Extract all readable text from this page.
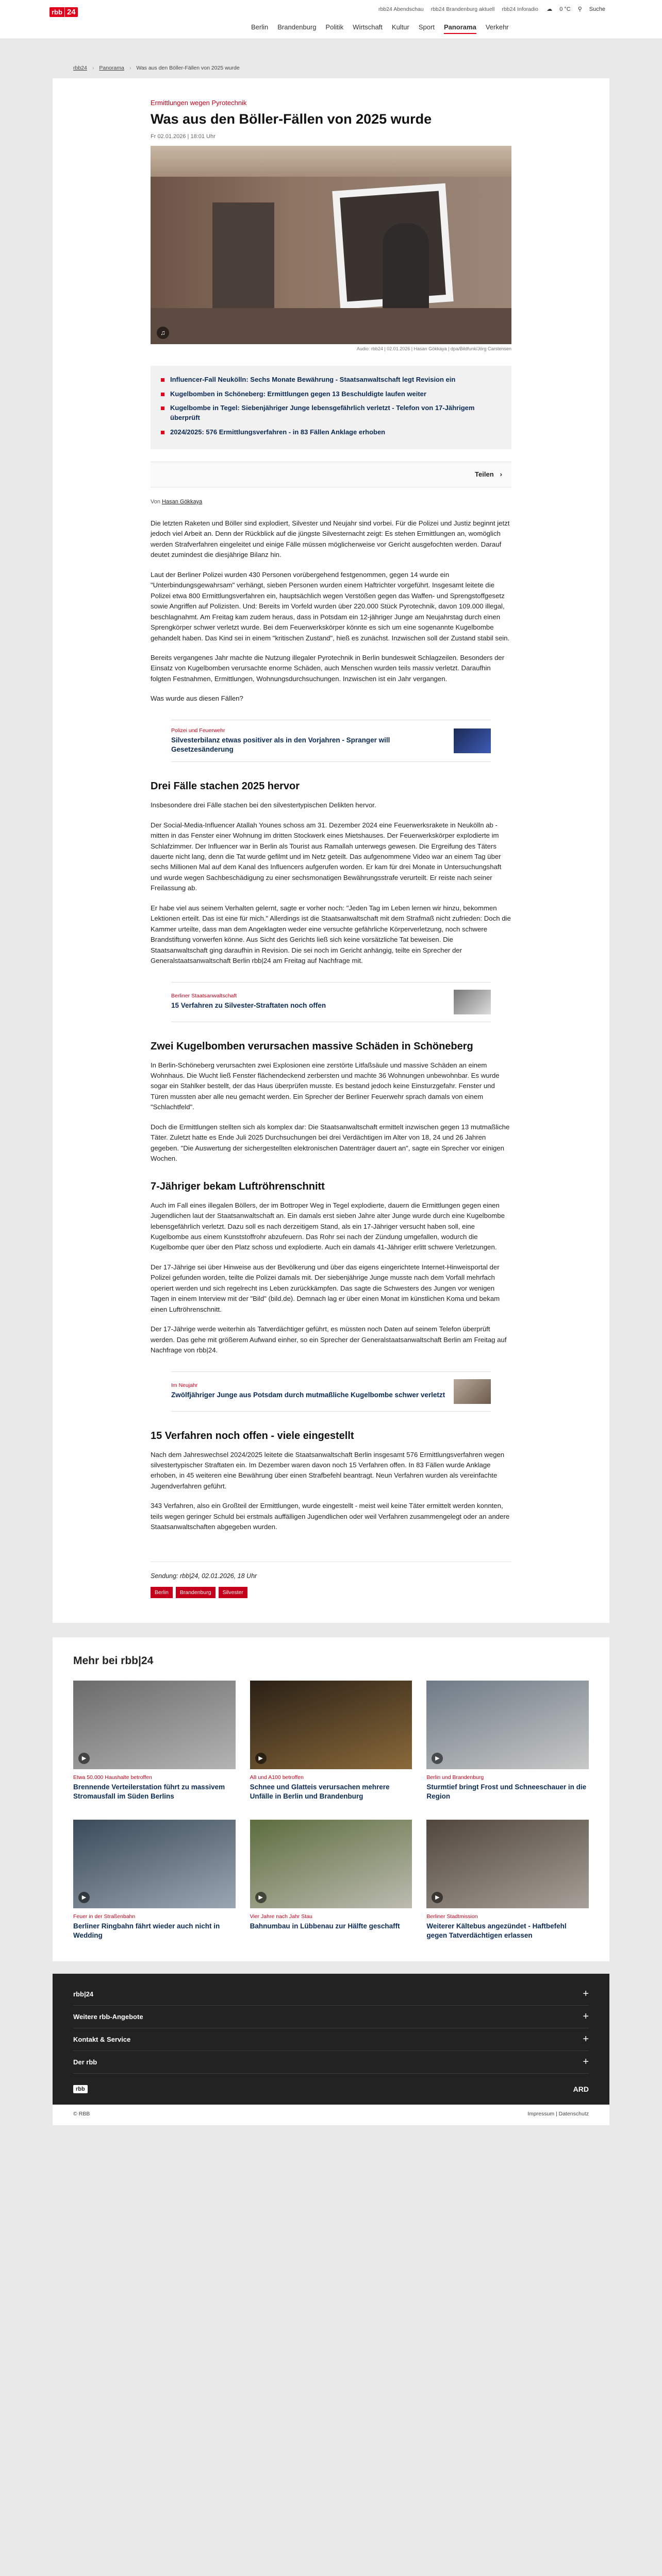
rbb 24	rbb24 Abendschau rbb24 Brandenburg aktuell rbb24 Inforadio ☁ 0 °C ⚲ Suche
Berlin Brandenburg Politik Wirtschaft Kultur Sport Panorama Verkehr
rbb24 › Panorama › Was aus den Böller-Fällen von 2025 wurde
Ermittlungen wegen Pyrotechnik
Was aus den Böller-Fällen von 2025 wurde
Fr 02.01.2026 | 18:01 Uhr
♫
Audio: rbb24 | 02.01.2026 | Hasan Gökkaya | dpa/Bildfunk/Jörg Carstensen
Influencer-Fall Neukölln: Sechs Monate Bewährung - Staatsanwaltschaft legt Revision ein
Kugelbomben in Schöneberg: Ermittlungen gegen 13 Beschuldigte laufen weiter
Kugelbombe in Tegel: Siebenjähriger Junge lebensgefährlich verletzt - Telefon von 17-Jährigem überprüft
2024/2025: 576 Ermittlungsverfahren - in 83 Fällen Anklage erhoben
Teilen ›
Von Hasan Gökkaya

Die letzten Raketen und Böller sind explodiert, Silvester und Neujahr sind vorbei. Für die Polizei und Justiz beginnt jetzt jedoch viel Arbeit an. Denn der Rückblick auf die jüngste Silvesternacht zeigt: Es stehen Ermittlungen an, womöglich werden Strafverfahren eingeleitet und einige Fälle müssen möglicherweise vor Gericht ausgefochten werden. Darauf deutet zumindest die diesjährige Bilanz hin.

Laut der Berliner Polizei wurden 430 Personen vorübergehend festgenommen, gegen 14 wurde ein "Unterbindungsgewahrsam" verhängt, sieben Personen wurden einem Haftrichter vorgeführt. Insgesamt leitete die Polizei etwa 800 Ermittlungsverfahren ein, hauptsächlich wegen Verstößen gegen das Waffen- und Sprengstoffgesetz sowie Angriffen auf Polizisten. Und: Bereits im Vorfeld wurden über 220.000 Stück Pyrotechnik, davon 109.000 illegal, beschlagnahmt. Am Freitag kam zudem heraus, dass in Potsdam ein 12-jähriger Junge am Neujahrstag durch einen Sprengkörper schwer verletzt wurde. Bei dem Feuerwerkskörper könnte es sich um eine sogenannte Kugelbombe gehandelt haben. Das Kind sei in einem "kritischen Zustand", hieß es zunächst. Inzwischen soll der Zustand stabil sein.

Bereits vergangenes Jahr machte die Nutzung illegaler Pyrotechnik in Berlin bundesweit Schlagzeilen. Besonders der Einsatz von Kugelbomben verursachte enorme Schäden, auch Menschen wurden teils massiv verletzt. Daraufhin folgten Festnahmen, Ermittlungen, Wohnungsdurchsuchungen. Inzwischen ist ein Jahr vergangen.

Was wurde aus diesen Fällen?

Polizei und Feuerwehr
Silvesterbilanz etwas positiver als in den Vorjahren - Spranger will Gesetzesänderung
Drei Fälle stachen 2025 hervor

Insbesondere drei Fälle stachen bei den silvestertypischen Delikten hervor.

Der Social-Media-Influencer Atallah Younes schoss am 31. Dezember 2024 eine Feuerwerksrakete in Neukölln ab - mitten in das Fenster einer Wohnung im dritten Stockwerk eines Mietshauses. Der Feuerwerkskörper explodierte im Schlafzimmer. Der Influencer war in Berlin als Tourist aus Ramallah unterwegs gewesen. Die Ergreifung des Täters dauerte nicht lang, denn die Tat wurde gefilmt und im Netz geteilt. Das aufgenommene Video war an einem Tag über sechs Millionen Mal auf dem Kanal des Influencers aufgerufen worden. Er kam für drei Monate in Untersuchungshaft und wurde wegen Sachbeschädigung zu einer sechsmonatigen Bewährungsstrafe verurteilt. Er reiste nach seiner Freilassung ab.

Er habe viel aus seinem Verhalten gelernt, sagte er vorher noch: "Jeden Tag im Leben lernen wir hinzu, bekommen Lektionen erteilt. Das ist eine für mich." Allerdings ist die Staatsanwaltschaft mit dem Strafmaß nicht zufrieden: Doch die Kammer urteilte, dass man dem Angeklagten weder eine versuchte gefährliche Körperverletzung, noch schwere Brandstiftung vorwerfen könne. Aus Sicht des Gerichts ließ sich keine vorsätzliche Tat beweisen. Die Staatsanwaltschaft ging daraufhin in Revision. Die sei noch im Gericht anhängig, teilte ein Sprecher der Generalstaatsanwaltschaft Berlin rbb|24 am Freitag auf Nachfrage mit.

Berliner Staatsanwaltschaft
15 Verfahren zu Silvester-Straftaten noch offen
Zwei Kugelbomben verursachen massive Schäden in Schöneberg

In Berlin-Schöneberg verursachten zwei Explosionen eine zerstörte Litfaßsäule und massive Schäden an einem Wohnhaus. Die Wucht ließ Fenster flächendeckend zerbersten und machte 36 Wohnungen unbewohnbar. Es wurde sogar ein Stahlker bestellt, der das Haus überprüfen musste. Es bestand jedoch keine Einsturzgefahr. Fenster und Türen mussten aber alle neu gemacht werden. Ein Sprecher der Berliner Feuerwehr sprach damals von einem "Schlachtfeld".

Doch die Ermittlungen stellten sich als komplex dar: Die Staatsanwaltschaft ermittelt inzwischen gegen 13 mutmaßliche Täter. Zuletzt hatte es Ende Juli 2025 Durchsuchungen bei drei Verdächtigen im Alter von 18, 24 und 26 Jahren gegeben. "Die Auswertung der sichergestellten elektronischen Datenträger dauert an", sagte ein Sprecher vor einigen Wochen.

7-Jähriger bekam Luftröhrenschnitt

Auch im Fall eines illegalen Böllers, der im Bottroper Weg in Tegel explodierte, dauern die Ermittlungen gegen einen Jugendlichen laut der Staatsanwaltschaft an. Ein damals erst sieben Jahre alter Junge wurde durch eine Kugelbombe lebensgefährlich verletzt. Dazu soll es nach derzeitigem Stand, als ein 17-Jähriger versucht haben soll, eine Kugelbombe aus einem Kunststoffrohr abzufeuern. Das Rohr sei nach der Zündung umgefallen, wodurch die Kugelbombe quer über den Platz schoss und explodierte. Auch ein damals 41-Jähriger erlitt schwere Verletzungen.

Der 17-Jährige sei über Hinweise aus der Bevölkerung und über das eigens eingerichtete Internet-Hinweisportal der Polizei gefunden worden, teilte die Polizei damals mit. Der siebenjährige Junge musste nach dem Vorfall mehrfach operiert werden und sich regelrecht ins Leben zurückkämpfen. Das sagte die Schwesters des Jungen vor wenigen Tagen in einem Interview mit der "Bild" (bild.de). Demnach lag er über einen Monat im künstlichen Koma und bekam einen Luftröhrenschnitt.

Der 17-Jährige werde weiterhin als Tatverdächtiger geführt, es müssten noch Daten auf seinem Telefon überprüft werden. Das gehe mit größerem Aufwand einher, so ein Sprecher der Generalstaatsanwaltschaft Berlin am Freitag auf Nachfrage von rbb|24.

Im Neujahr
Zwölfjähriger Junge aus Potsdam durch mutmaßliche Kugelbombe schwer verletzt
15 Verfahren noch offen - viele eingestellt

Nach dem Jahreswechsel 2024/2025 leitete die Staatsanwaltschaft Berlin insgesamt 576 Ermittlungsverfahren wegen silvestertypischer Straftaten ein. Im Dezember waren davon noch 15 Verfahren offen. In 83 Fällen wurde Anklage erhoben, in 45 weiteren eine Bewährung über einen Strafbefehl beantragt. Neun Verfahren wurden als vereinfachte Jugendverfahren geführt.

343 Verfahren, also ein Großteil der Ermittlungen, wurde eingestellt - meist weil keine Täter ermittelt werden konnten, teils wegen geringer Schuld bei erstmals auffälligen Jugendlichen oder weil Verfahren zusammengelegt oder an andere Staatsanwaltschaften abgegeben wurden.

Sendung: rbb|24, 02.01.2026, 18 Uhr
Berlin	Brandenburg	Silvester
Mehr bei rbb|24
▶
Etwa 50.000 Haushalte betroffen
Brennende Verteilerstation führt zu massivem Stromausfall im Süden Berlins
▶
A8 und A100 betroffen
Schnee und Glatteis verursachen mehrere Unfälle in Berlin und Brandenburg
▶
Berlin und Brandenburg
Sturmtief bringt Frost und Schneeschauer in die Region
▶
Feuer in der Straßenbahn
Berliner Ringbahn fährt wieder auch nicht in Wedding
▶
Vier Jahre nach Jahr Stau
Bahnumbau in Lübbenau zur Hälfte geschafft
▶
Berliner Stadtmission
Weiterer Kältebus angezündet - Haftbefehl gegen Tatverdächtigen erlassen
rbb|24	+
Weitere rbb-Angebote	+
Kontakt & Service	+
Der rbb	+
rbb	ARD
© RBB	Impressum | Datenschutz
